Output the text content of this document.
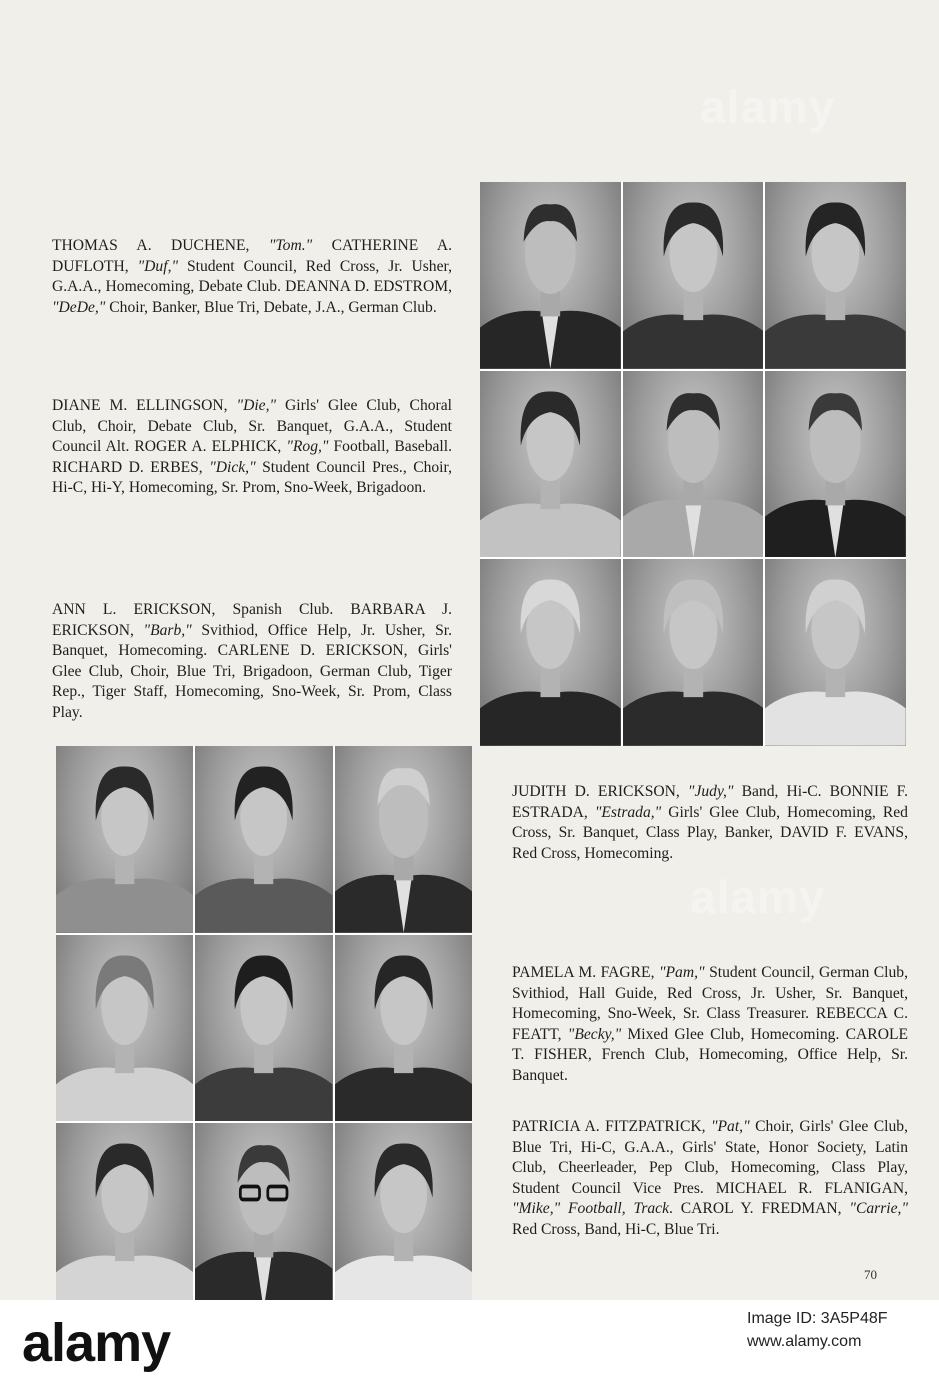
THOMAS A. DUCHENE, "Tom." CATHERINE A. DUFLOTH, "Duf," Student Council, Red Cross, Jr. Usher, G.A.A., Homecoming, Debate Club. DEANNA D. EDSTROM, "DeDe," Choir, Banker, Blue Tri, Debate, J.A., German Club.
DIANE M. ELLINGSON, "Die," Girls' Glee Club, Choral Club, Choir, Debate Club, Sr. Banquet, G.A.A., Student Council Alt. ROGER A. ELPHICK, "Rog," Football, Baseball. RICHARD D. ERBES, "Dick," Student Council Pres., Choir, Hi-C, Hi-Y, Homecoming, Sr. Prom, Sno-Week, Brigadoon.
ANN L. ERICKSON, Spanish Club. BARBARA J. ERICKSON, "Barb," Svithiod, Office Help, Jr. Usher, Sr. Banquet, Homecoming. CARLENE D. ERICKSON, Girls' Glee Club, Choir, Blue Tri, Brigadoon, German Club, Tiger Rep., Tiger Staff, Homecoming, Sno-Week, Sr. Prom, Class Play.
JUDITH D. ERICKSON, "Judy," Band, Hi-C. BONNIE F. ESTRADA, "Estrada," Girls' Glee Club, Homecoming, Red Cross, Sr. Banquet, Class Play, Banker, DAVID F. EVANS, Red Cross, Homecoming.
PAMELA M. FAGRE, "Pam," Student Council, German Club, Svithiod, Hall Guide, Red Cross, Jr. Usher, Sr. Banquet, Homecoming, Sno-Week, Sr. Class Treasurer. REBECCA C. FEATT, "Becky," Mixed Glee Club, Homecoming. CAROLE T. FISHER, French Club, Homecoming, Office Help, Sr. Banquet.
PATRICIA A. FITZPATRICK, "Pat," Choir, Girls' Glee Club, Blue Tri, Hi-C, G.A.A., Girls' State, Honor Society, Latin Club, Cheerleader, Pep Club, Homecoming, Class Play, Student Council Vice Pres. MICHAEL R. FLANIGAN, "Mike," Football, Track. CAROL Y. FREDMAN, "Carrie," Red Cross, Band, Hi-C, Blue Tri.
alamy
alamy
70
alamy	Image ID: 3A5P48F
www.alamy.com
